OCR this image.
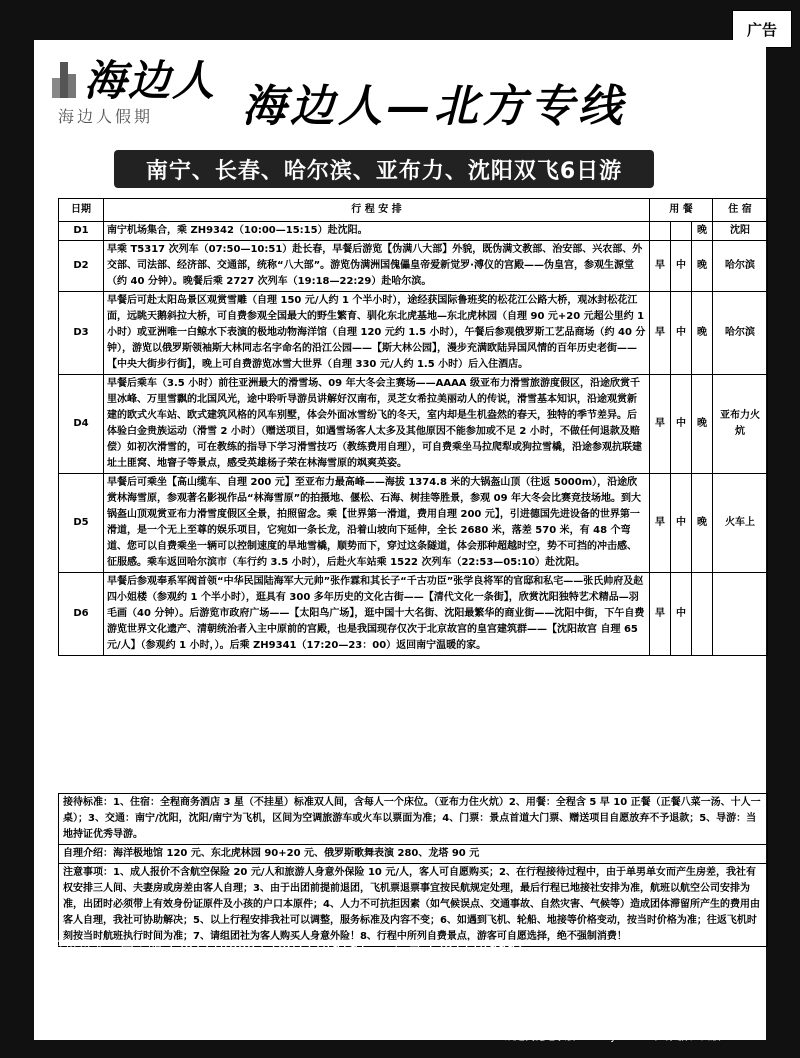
广告
海边人
海边人假期 海边人—北方专线
南宁、长春、哈尔滨、亚布力、沈阳双飞6日游
日期	行 程 安 排	用 餐			住 宿
D1	南宁机场集合，乘 ZH9342（10:00—15:15）赴沈阳。			晚	沈阳
D2	早乘 T5317 次列车（07:50—10:51）赴长春，早餐后游览【伪满八大部】外貌，既伪满文教部、治安部、兴农部、外交部、司法部、经济部、交通部，统称“八大部”。游览伪满洲国傀儡皇帝爱新觉罗·溥仪的宫殿——伪皇宫，参观生源堂（约 40 分钟）。晚餐后乘 2727 次列车（19:18—22:29）赴哈尔滨。	早	中	晚	哈尔滨
D3	早餐后可赴太阳岛景区观赏雪雕（自理 150 元/人约 1 个半小时），途经获国际鲁班奖的松花江公路大桥，观冰封松花江面，远眺天鹅斜拉大桥，可自费参观全国最大的野生繁育、驯化东北虎基地—东北虎林园（自理 90 元+20 元超公里约 1 小时）或亚洲唯一白鲸水下表演的极地动物海洋馆（自理 120 元约 1.5 小时），午餐后参观俄罗斯工艺品商场（约 40 分钟），游览以俄罗斯领袖斯大林同志名字命名的沿江公园——【斯大林公园】，漫步充满欧陆异国风情的百年历史老街——【中央大街步行街】，晚上可自费游览冰雪大世界（自理 330 元/人约 1.5 小时）后入住酒店。	早	中	晚	哈尔滨
D4	早餐后乘车（3.5 小时）前往亚洲最大的滑雪场、09 年大冬会主赛场——AAAA 级亚布力滑雪旅游度假区，沿途欣赏千里冰峰、万里雪飘的北国风光，途中聆听导游员讲解好汉南布，灵芝女希拉美丽动人的传说，滑雪基本知识，沿途观赏新建的欧式火车站、欧式建筑风格的风车别墅，体会外面冰雪纷飞的冬天，室内却是生机盎然的春天，独特的季节差异。后体验白金贵族运动（滑雪 2 小时）（赠送项目，如遇雪场客人太多及其他原因不能参加或不足 2 小时，不做任何退款及赔偿）如初次滑雪的，可在教练的指导下学习滑雪技巧（教练费用自理），可自费乘坐马拉爬犁或狗拉雪橇，沿途参观抗联建址土匪窝、地窨子等景点，感受英雄杨子荣在林海雪原的飒爽英姿。	早	中	晚	亚布力火炕
D5	早餐后可乘坐【高山缆车、自理 200 元】至亚布力最高峰——海拔 1374.8 米的大锅盔山顶（往返 5000m），沿途欣赏林海雪原，参观著名影视作品“林海雪原”的拍摄地、偃松、石海、树挂等胜景，参观 09 年大冬会比赛竞技场地。到大锅盔山顶观赏亚布力滑雪度假区全景，拍照留念。乘【世界第一滑道，费用自理 200 元】，引进德国先进设备的世界第一滑道，是一个无上至尊的娱乐项目，它宛如一条长龙，沿着山坡向下延伸，全长 2680 米，落差 570 米，有 48 个弯道、您可以自费乘坐一辆可以控制速度的旱地雪橇，顺势而下，穿过这条隧道，体会那种超越时空，势不可挡的冲击感、征服感。乘车返回哈尔滨市（车行约 3.5 小时），后赴火车站乘 1522 次列车（22:53—05:10）赴沈阳。	早	中	晚	火车上
D6	早餐后参观奉系军阀首领“中华民国陆海军大元帅”张作霖和其长子“千古功臣”张学良将军的官邸和私宅——张氏帅府及赵四小姐楼（参观约 1 个半小时），逛具有 300 多年历史的文化古街——【清代文化一条街】，欣赏沈阳独特艺术精品—羽毛画（40 分钟）。后游览市政府广场——【太阳鸟广场】，逛中国十大名街、沈阳最繁华的商业街——沈阳中街，下午自费游览世界文化遗产、清朝统治者入主中原前的宫殿，也是我国现存仅次于北京故宫的皇宫建筑群——【沈阳故宫 自理 65 元/人】（参观约 1 小时，）。后乘 ZH9341（17:20—23：00）返回南宁温暖的家。	早	中		
接待标准：1、住宿：全程商务酒店 3 星（不挂星）标准双人间，含每人一个床位。（亚布力住火炕）2、用餐：全程含 5 早 10 正餐（正餐八菜一汤、十人一桌）；3、交通：南宁/沈阳，沈阳/南宁为飞机，区间为空调旅游车或火车以票面为准；4、门票：景点首道大门票、赠送项目自愿放弃不予退款；5、导游：当地持证优秀导游。
自理介绍：海洋极地馆 120 元、东北虎林园 90+20 元、俄罗斯歌舞表演 280、龙塔 90 元
注意事项：1、成人报价不含航空保险 20 元/人和旅游人身意外保险 10 元/人，客人可自愿购买；2、在行程接待过程中，由于单男单女而产生房差，我社有权安排三人间、夫妻房或房差由客人自理；3、由于出团前提前退团，飞机票退票事宜按民航规定处理，最后行程已地接社安排为准，航班以航空公司安排为准，出团时必须带上有效身份证原件及小孩的户口本原件；4、人力不可抗拒因素（如气候误点、交通事故、自然灾害、气候等）造成团体滞留所产生的费用由客人自理，我社可协助解决；5、以上行程安排我社可以调整，服务标准及内容不变；6、如遇到飞机、轮船、地接等价格变动，按当时价格为准；往返飞机时刻按当时航班执行时间为准；7、请组团社为客人购买人身意外险！8、行程中所列自费景点，游客可自愿选择，绝不强制消费！
总负责人：高忠明 13877148883 18677149191 于 雪 13877149992
计 调：覃 思 15077152210 蒋俏俏 15877195546 刘敏萍 15289685877
办公电话：0771-4911695 5832280 3040581 传真号码：0771-4916370
工作 QQ：295012236 551906631 632227519 164140580 764120376 498305195 13077580
欢迎浏览电子版 www.zyoo.net 中 青 旅 广西版 3
